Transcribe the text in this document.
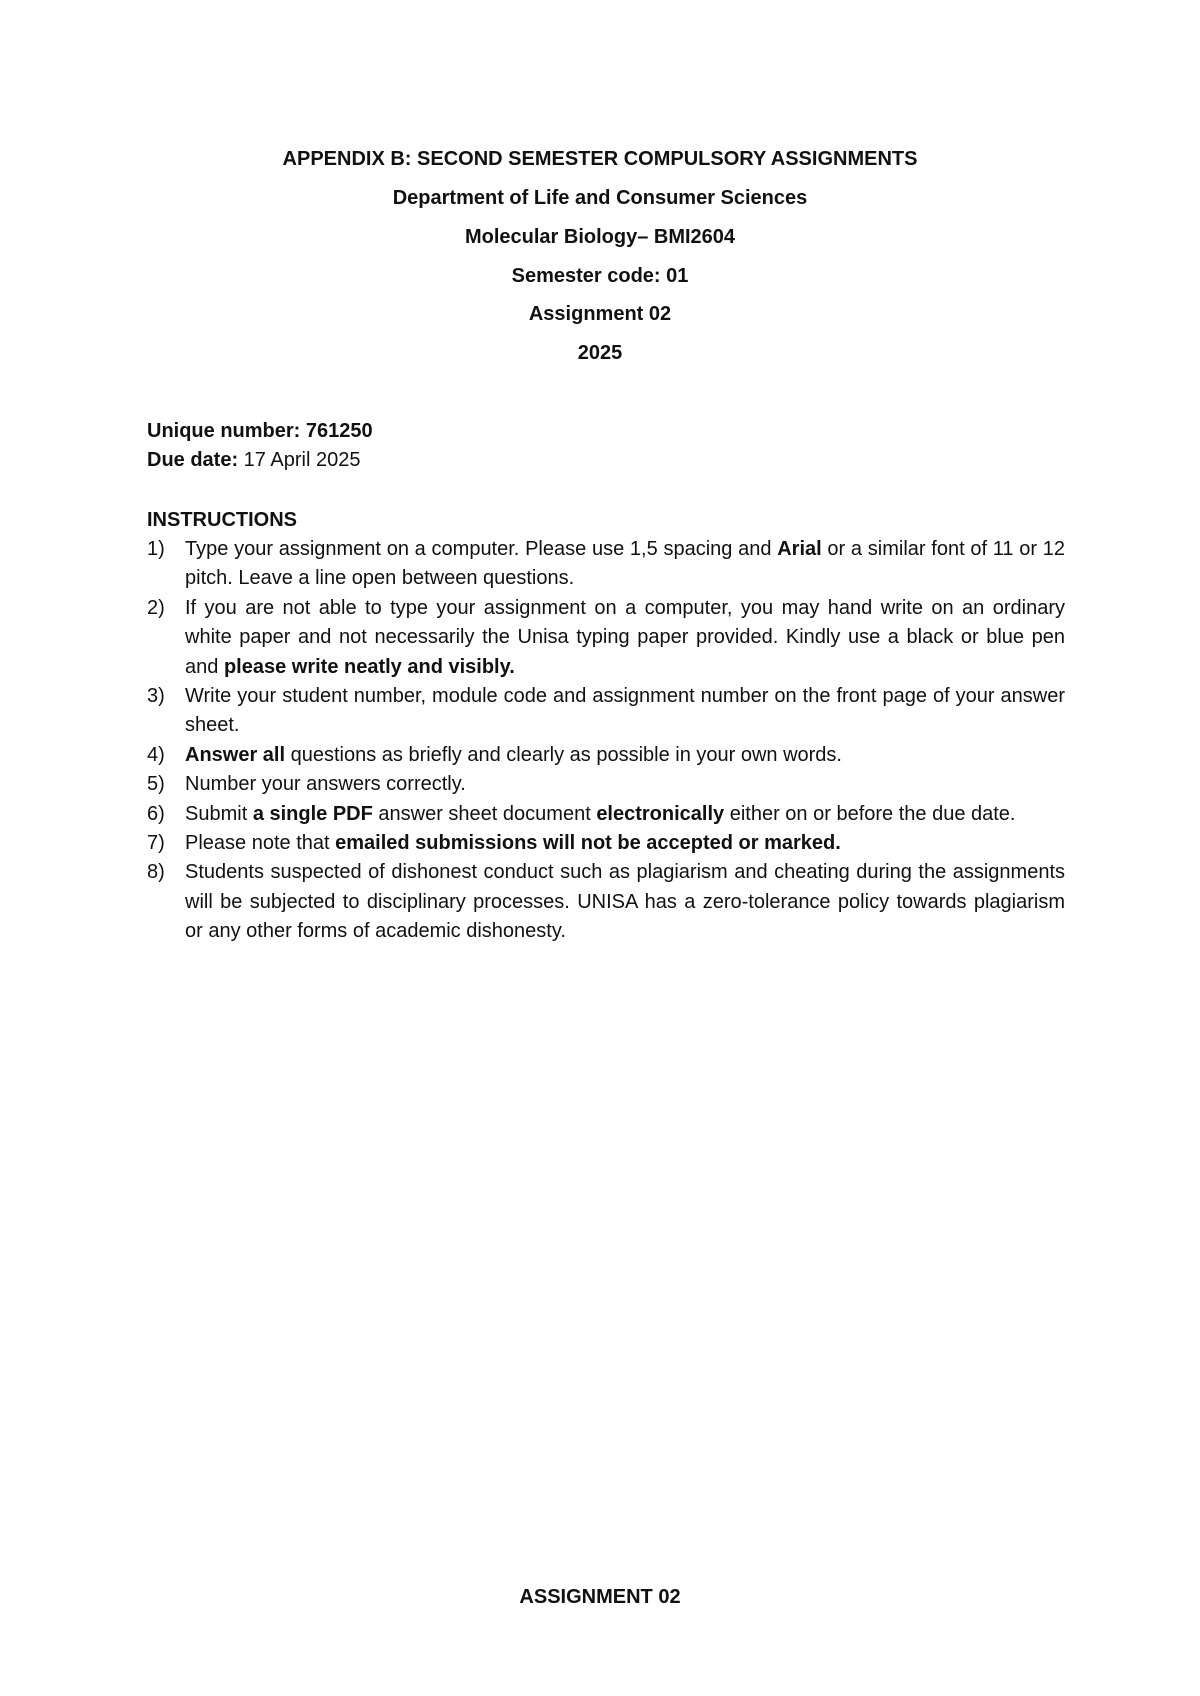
APPENDIX B: SECOND SEMESTER COMPULSORY ASSIGNMENTS
Department of Life and Consumer Sciences
Molecular Biology– BMI2604
Semester code: 01
Assignment 02
2025
Unique number: 761250
Due date: 17 April 2025
INSTRUCTIONS
1)	Type your assignment on a computer. Please use 1,5 spacing and Arial or a similar font of 11 or 12 pitch. Leave a line open between questions.
2)	If you are not able to type your assignment on a computer, you may hand write on an ordinary white paper and not necessarily the Unisa typing paper provided. Kindly use a black or blue pen and please write neatly and visibly.
3)	Write your student number, module code and assignment number on the front page of your answer sheet.
4)	Answer all questions as briefly and clearly as possible in your own words.
5)	Number your answers correctly.
6)	Submit a single PDF answer sheet document electronically either on or before the due date.
7)	Please note that emailed submissions will not be accepted or marked.
8)	Students suspected of dishonest conduct such as plagiarism and cheating during the assignments will be subjected to disciplinary processes. UNISA has a zero-tolerance policy towards plagiarism or any other forms of academic dishonesty.
ASSIGNMENT 02
